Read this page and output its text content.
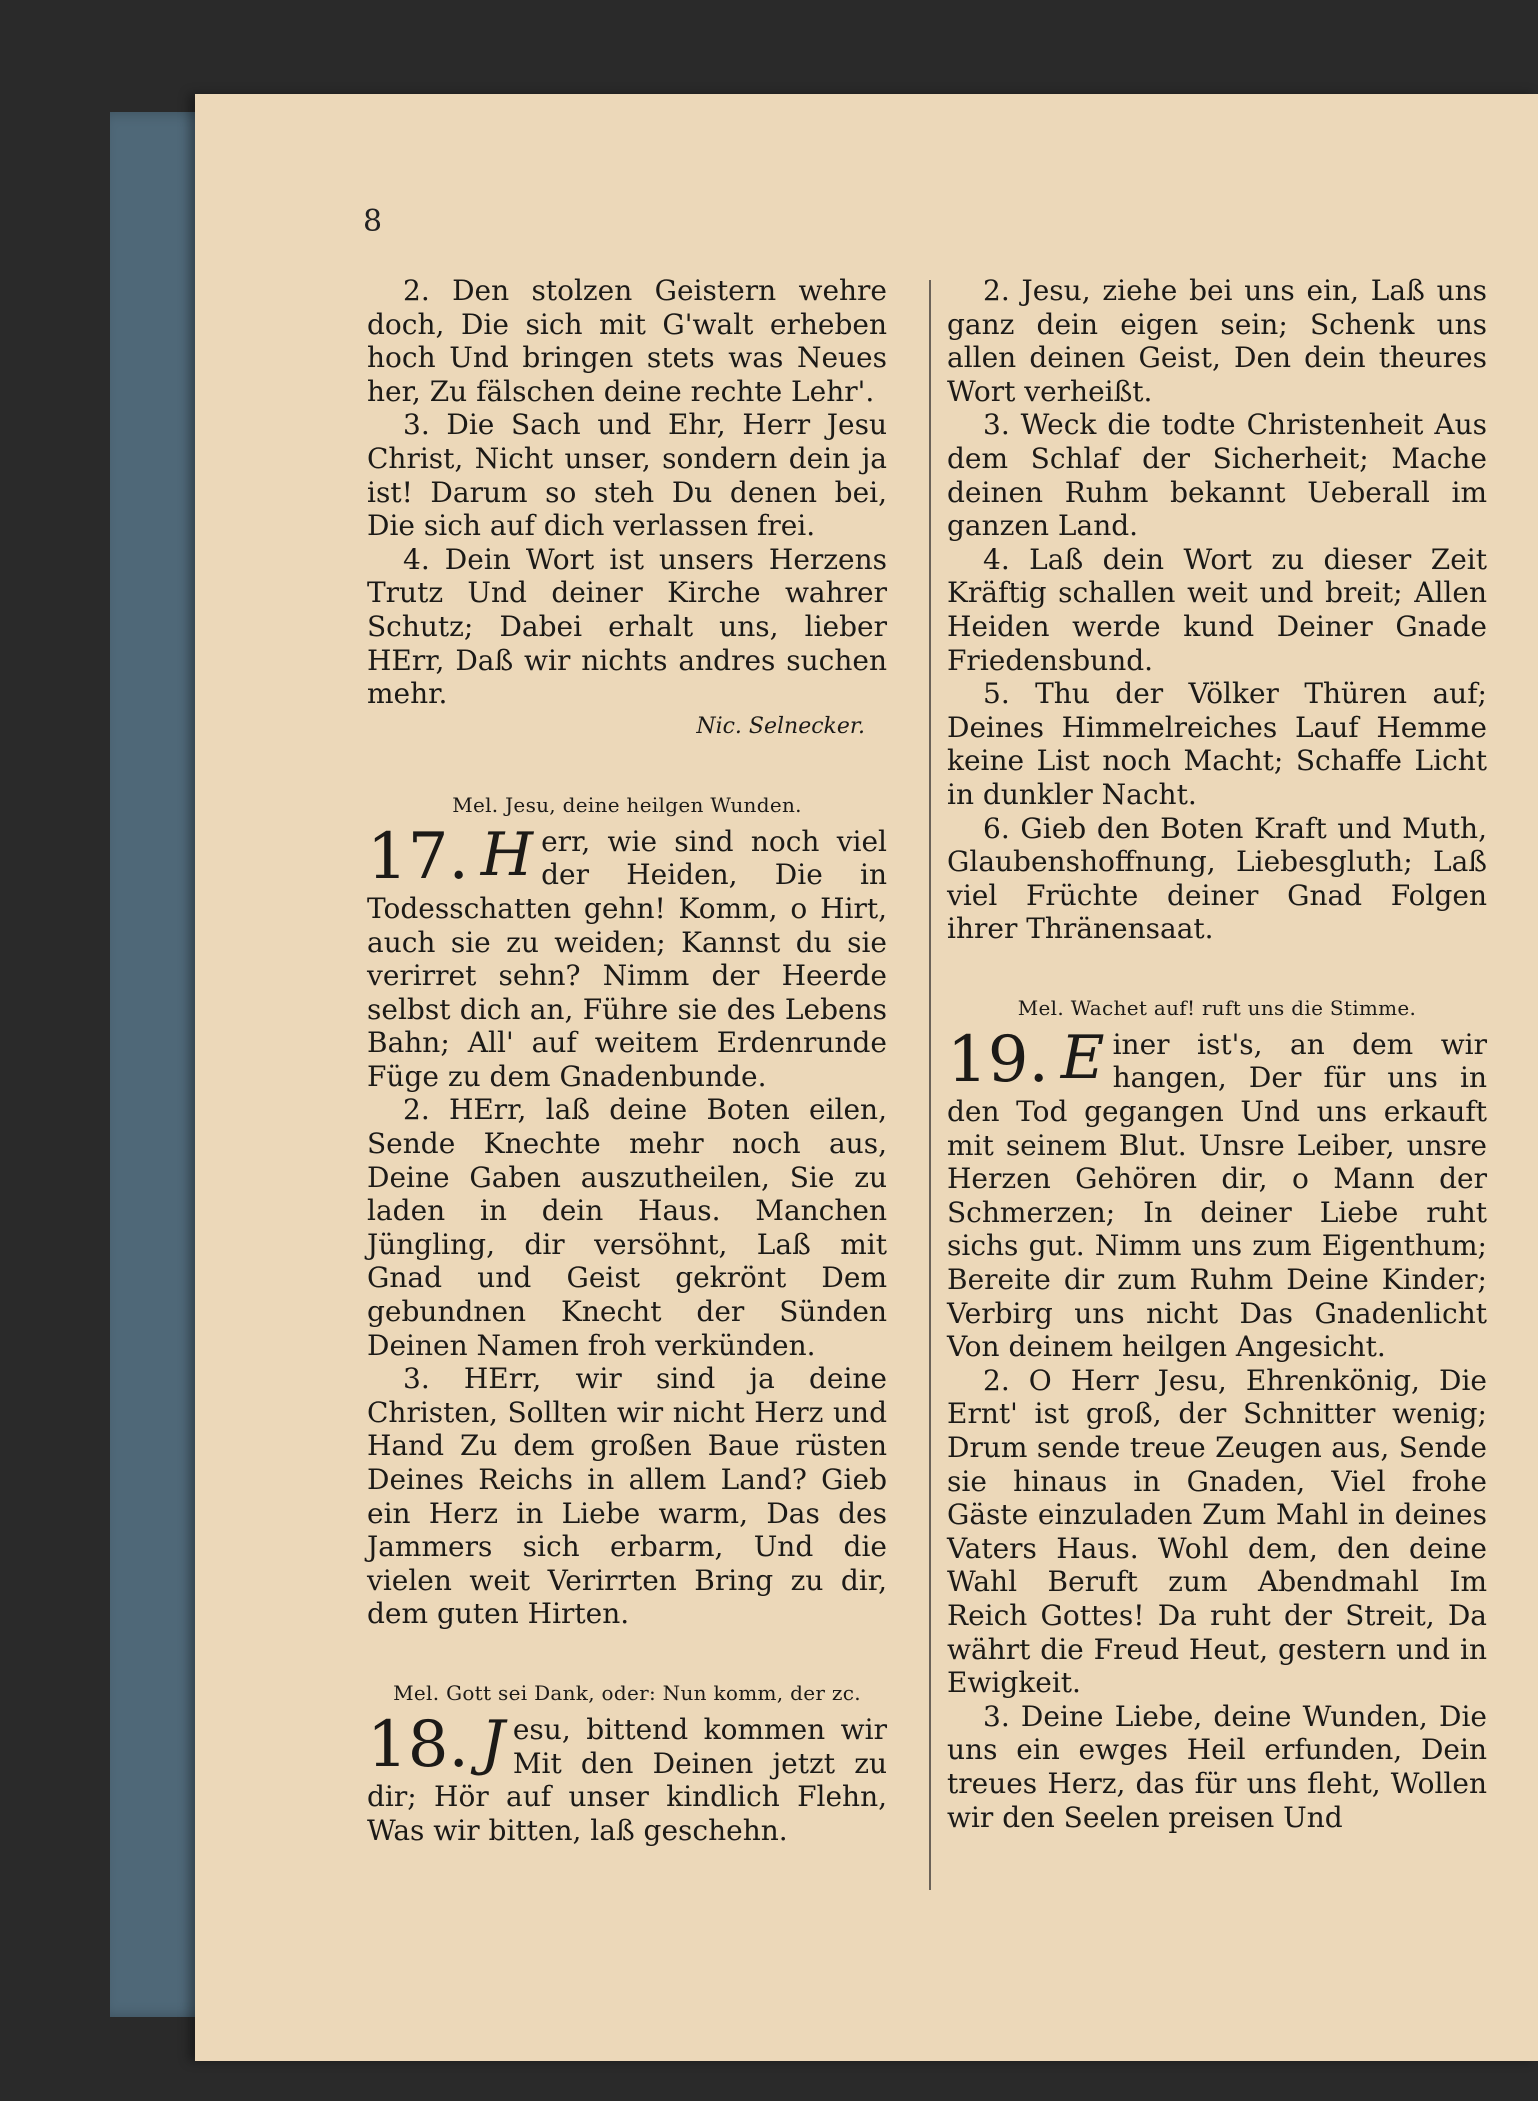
8

2. Den stolzen Geistern wehre doch, Die sich mit G'walt erheben hoch Und bringen stets was Neues her, Zu fälschen deine rechte Lehr'.

3. Die Sach und Ehr, Herr Jesu Christ, Nicht unser, sondern dein ja ist! Darum so steh Du denen bei, Die sich auf dich verlassen frei.

4. Dein Wort ist unsers Herzens Trutz Und deiner Kirche wahrer Schutz; Dabei erhalt uns, lieber HErr, Daß wir nichts andres suchen mehr.

Nic. Selnecker.

Mel. Jesu, deine heilgen Wunden.

17. H err, wie sind noch viel der Heiden, Die in Todesschatten gehn! Komm, o Hirt, auch sie zu weiden; Kannst du sie verirret sehn? Nimm der Heerde selbst dich an, Führe sie des Lebens Bahn; All' auf weitem Erdenrunde Füge zu dem Gnadenbunde.

2. HErr, laß deine Boten eilen, Sende Knechte mehr noch aus, Deine Gaben auszutheilen, Sie zu laden in dein Haus. Manchen Jüngling, dir versöhnt, Laß mit Gnad und Geist gekrönt Dem gebundnen Knecht der Sünden Deinen Namen froh verkünden.

3. HErr, wir sind ja deine Christen, Sollten wir nicht Herz und Hand Zu dem großen Baue rüsten Deines Reichs in allem Land? Gieb ein Herz in Liebe warm, Das des Jammers sich erbarm, Und die vielen weit Verirrten Bring zu dir, dem guten Hirten.

Mel. Gott sei Dank, oder: Nun komm, der zc.

18. J esu, bittend kommen wir Mit den Deinen jetzt zu dir; Hör auf unser kindlich Flehn, Was wir bitten, laß geschehn.

2. Jesu, ziehe bei uns ein, Laß uns ganz dein eigen sein; Schenk uns allen deinen Geist, Den dein theures Wort verheißt.

3. Weck die todte Christenheit Aus dem Schlaf der Sicherheit; Mache deinen Ruhm bekannt Ueberall im ganzen Land.

4. Laß dein Wort zu dieser Zeit Kräftig schallen weit und breit; Allen Heiden werde kund Deiner Gnade Friedensbund.

5. Thu der Völker Thüren auf; Deines Himmelreiches Lauf Hemme keine List noch Macht; Schaffe Licht in dunkler Nacht.

6. Gieb den Boten Kraft und Muth, Glaubenshoffnung, Liebesgluth; Laß viel Früchte deiner Gnad Folgen ihrer Thränensaat.

Mel. Wachet auf! ruft uns die Stimme.

19. E iner ist's, an dem wir hangen, Der für uns in den Tod gegangen Und uns erkauft mit seinem Blut. Unsre Leiber, unsre Herzen Gehören dir, o Mann der Schmerzen; In deiner Liebe ruht sichs gut. Nimm uns zum Eigenthum; Bereite dir zum Ruhm Deine Kinder; Verbirg uns nicht Das Gnadenlicht Von deinem heilgen Angesicht.

2. O Herr Jesu, Ehrenkönig, Die Ernt' ist groß, der Schnitter wenig; Drum sende treue Zeugen aus, Sende sie hinaus in Gnaden, Viel frohe Gäste einzuladen Zum Mahl in deines Vaters Haus. Wohl dem, den deine Wahl Beruft zum Abendmahl Im Reich Gottes! Da ruht der Streit, Da währt die Freud Heut, gestern und in Ewigkeit.

3. Deine Liebe, deine Wunden, Die uns ein ewges Heil erfunden, Dein treues Herz, das für uns fleht, Wollen wir den Seelen preisen Und
